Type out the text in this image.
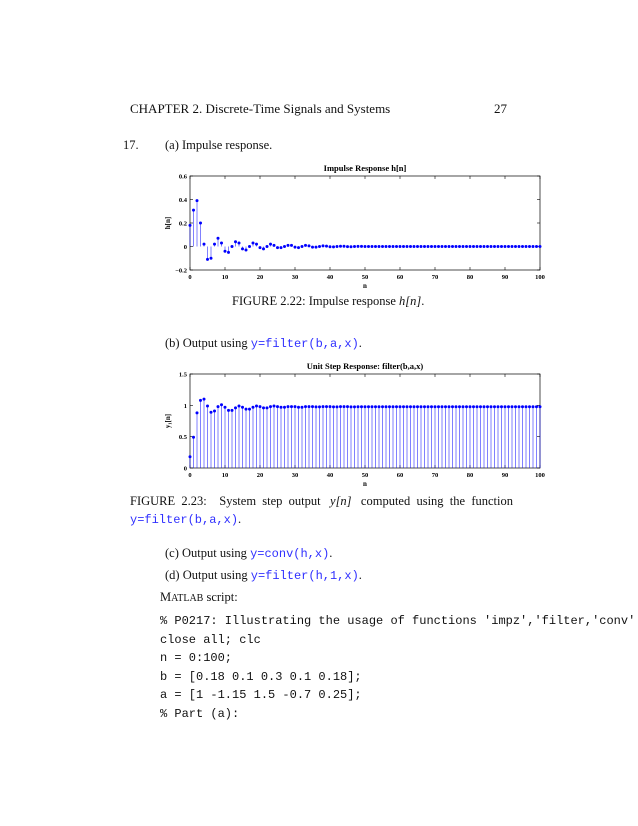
CHAPTER 2. Discrete-Time Signals and Systems	27
17. (a) Impulse response.
Impulse Response h[n]
0	10	20	30	40	50	60	70	80	90	100
−0.2
0
0.2
0.4
0.6
n
h[n]
FIGURE 2.22: Impulse response h[n].
(b) Output using y=filter(b,a,x).
Unit Step Response: filter(b,a,x)
0	10	20	30	40	50	60	70	80	90	100
0
0.5
1
1.5
n
y₁[n]
FIGURE  2.23:    System  step  output   y[n]   computed  using  the  function
y=filter(b,a,x).
(c) Output using y=conv(h,x).
(d) Output using y=filter(h,1,x).
MATLAB script:
% P0217: Illustrating the usage of functions 'impz','filter,'conv'
close all; clc
n = 0:100;
b = [0.18 0.1 0.3 0.1 0.18];
a = [1 -1.15 1.5 -0.7 0.25];
% Part (a):
